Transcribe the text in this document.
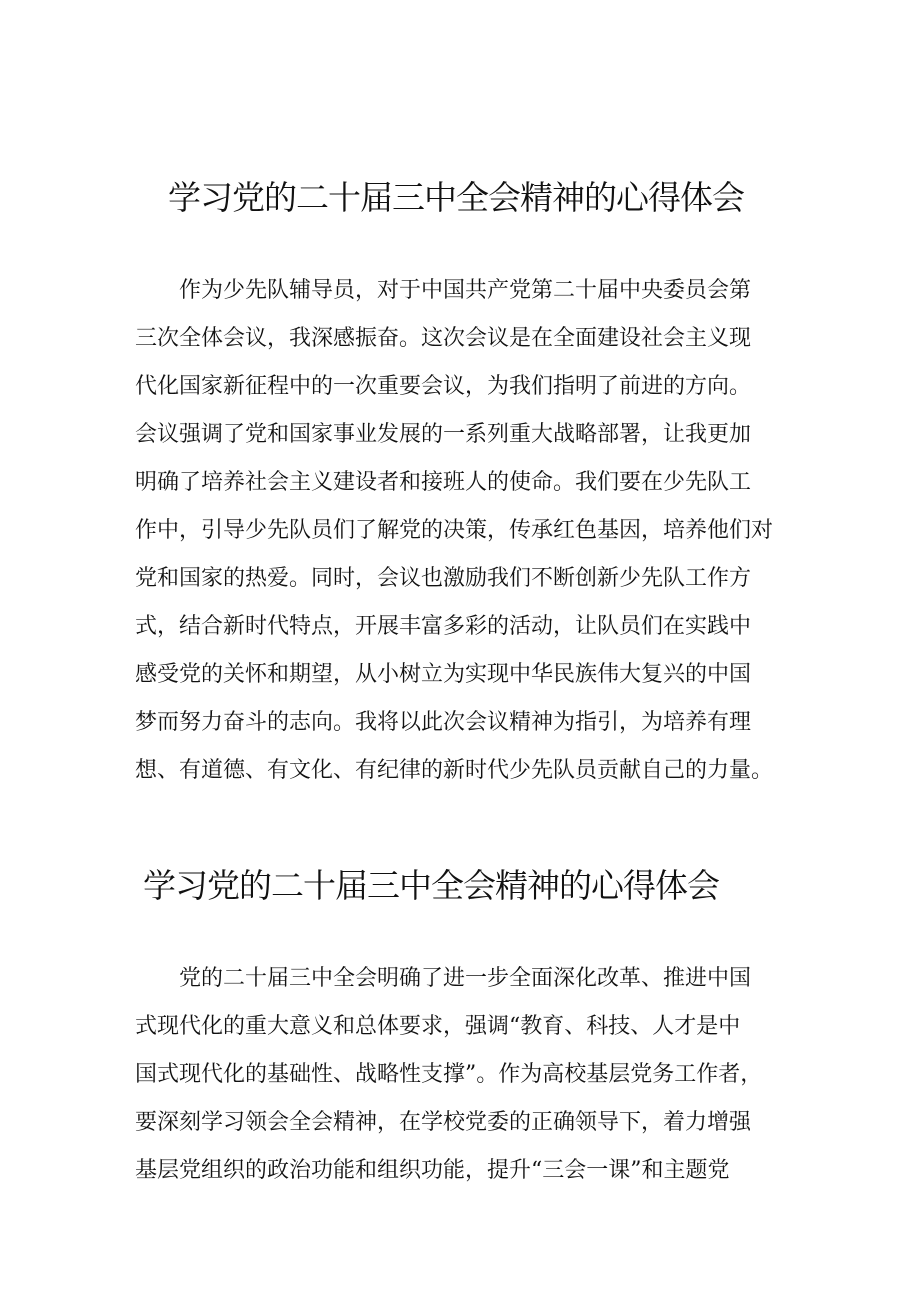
学习党的二十届三中全会精神的心得体会
　　作为少先队辅导员，对于中国共产党第二十届中央委员会第
三次全体会议，我深感振奋。这次会议是在全面建设社会主义现
代化国家新征程中的一次重要会议，为我们指明了前进的方向。
会议强调了党和国家事业发展的一系列重大战略部署，让我更加
明确了培养社会主义建设者和接班人的使命。我们要在少先队工
作中，引导少先队员们了解党的决策，传承红色基因，培养他们对
党和国家的热爱。同时，会议也激励我们不断创新少先队工作方
式，结合新时代特点，开展丰富多彩的活动，让队员们在实践中
感受党的关怀和期望，从小树立为实现中华民族伟大复兴的中国
梦而努力奋斗的志向。我将以此次会议精神为指引，为培养有理
想、有道德、有文化、有纪律的新时代少先队员贡献自己的力量。
学习党的二十届三中全会精神的心得体会
　　党的二十届三中全会明确了进一步全面深化改革、推进中国
式现代化的重大意义和总体要求，强调“教育、科技、人才是中
国式现代化的基础性、战略性支撑”。作为高校基层党务工作者，
要深刻学习领会全会精神，在学校党委的正确领导下，着力增强
基层党组织的政治功能和组织功能，提升“三会一课”和主题党
